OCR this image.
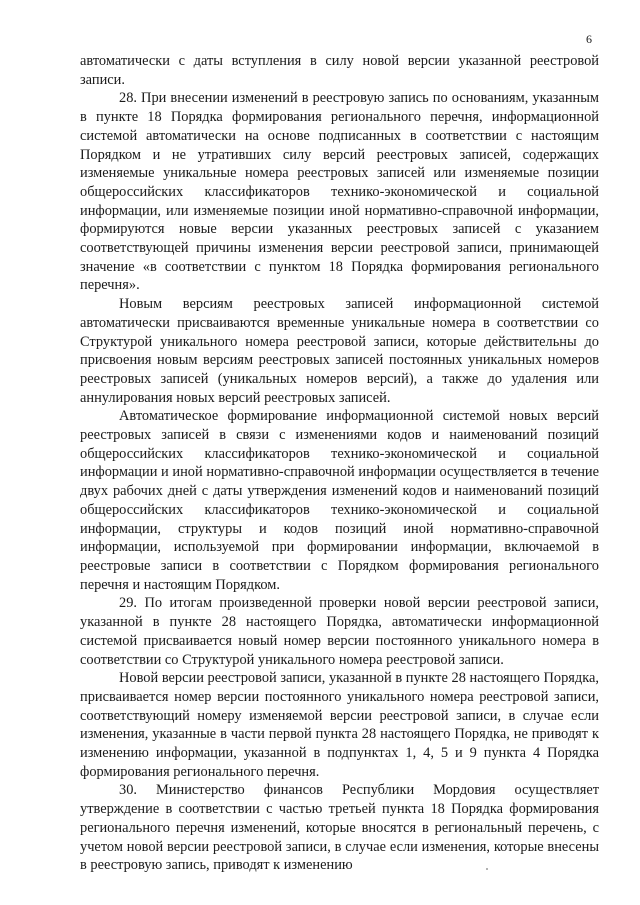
6

автоматически с даты вступления в силу новой версии указанной реестровой записи.

28. При внесении изменений в реестровую запись по основаниям, указанным в пункте 18 Порядка формирования регионального перечня, информационной системой автоматически на основе подписанных в соответствии с настоящим Порядком и не утративших силу версий реестровых записей, содержащих изменяемые уникальные номера реестровых записей или изменяемые позиции общероссийских классификаторов технико-экономической и социальной информации, или изменяемые позиции иной нормативно-справочной информации, формируются новые версии указанных реестровых записей с указанием соответствующей причины изменения версии реестровой записи, принимающей значение «в соответствии с пунктом 18 Порядка формирования регионального перечня».

Новым версиям реестровых записей информационной системой автоматически присваиваются временные уникальные номера в соответствии со Структурой уникального номера реестровой записи, которые действительны до присвоения новым версиям реестровых записей постоянных уникальных номеров реестровых записей (уникальных номеров версий), а также до удаления или аннулирования новых версий реестровых записей.

Автоматическое формирование информационной системой новых версий реестровых записей в связи с изменениями кодов и наименований позиций общероссийских классификаторов технико-экономической и социальной информации и иной нормативно-справочной информации осуществляется в течение двух рабочих дней с даты утверждения изменений кодов и наименований позиций общероссийских классификаторов технико-экономической и социальной информации, структуры и кодов позиций иной нормативно-справочной информации, используемой при формировании информации, включаемой в реестровые записи в соответствии с Порядком формирования регионального перечня и настоящим Порядком.

29. По итогам произведенной проверки новой версии реестровой записи, указанной в пункте 28 настоящего Порядка, автоматически информационной системой присваивается новый номер версии постоянного уникального номера в соответствии со Структурой уникального номера реестровой записи.

Новой версии реестровой записи, указанной в пункте 28 настоящего Порядка, присваивается номер версии постоянного уникального номера реестровой записи, соответствующий номеру изменяемой версии реестровой записи, в случае если изменения, указанные в части первой пункта 28 настоящего Порядка, не приводят к изменению информации, указанной в подпунктах 1, 4, 5 и 9 пункта 4 Порядка формирования регионального перечня.

30. Министерство финансов Республики Мордовия осуществляет утверждение в соответствии с частью третьей пункта 18 Порядка формирования регионального перечня изменений, которые вносятся в региональный перечень, с учетом новой версии реестровой записи, в случае если изменения, которые внесены в реестровую запись, приводят к изменению
